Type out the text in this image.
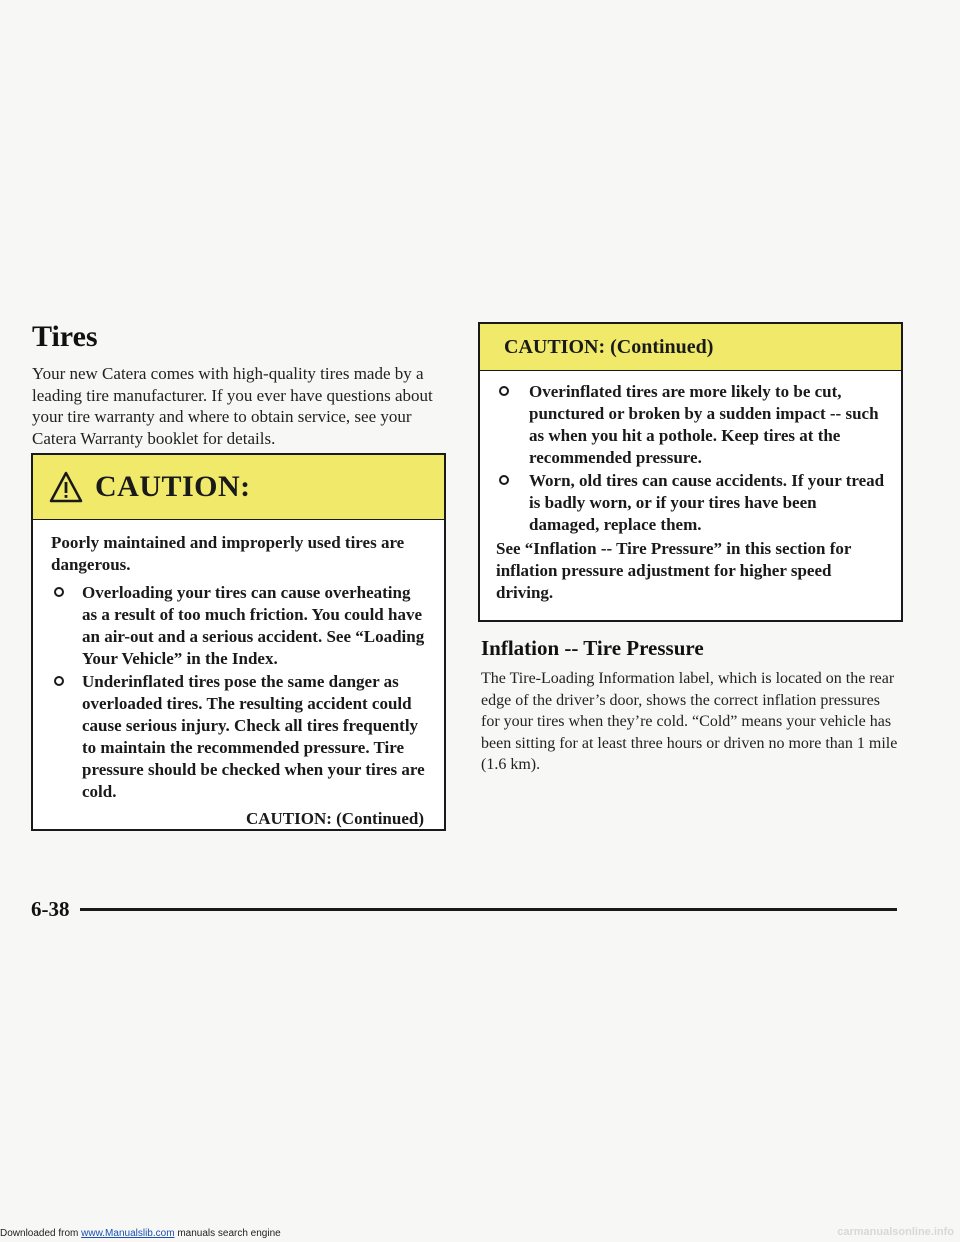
Tires

Your new Catera comes with high-quality tires made by a leading tire manufacturer. If you ever have questions about your tire warranty and where to obtain service, see your Catera Warranty booklet for details.

CAUTION:

Poorly maintained and improperly used tires are dangerous.

Overloading your tires can cause overheating as a result of too much friction. You could have an air-out and a serious accident. See “Loading Your Vehicle” in the Index.
Underinflated tires pose the same danger as overloaded tires. The resulting accident could cause serious injury. Check all tires frequently to maintain the recommended pressure. Tire pressure should be checked when your tires are cold.
CAUTION: (Continued)
CAUTION: (Continued)
Overinflated tires are more likely to be cut, punctured or broken by a sudden impact -- such as when you hit a pothole. Keep tires at the recommended pressure.
Worn, old tires can cause accidents. If your tread is badly worn, or if your tires have been damaged, replace them.

See “Inflation -- Tire Pressure” in this section for inflation pressure adjustment for higher speed driving.

Inflation -- Tire Pressure

The Tire-Loading Information label, which is located on the rear edge of the driver’s door, shows the correct inflation pressures for your tires when they’re cold. “Cold” means your vehicle has been sitting for at least three hours or driven no more than 1 mile (1.6 km).

6-38
Downloaded from www.Manualslib.com manuals search engine	carmanualsonline.info
